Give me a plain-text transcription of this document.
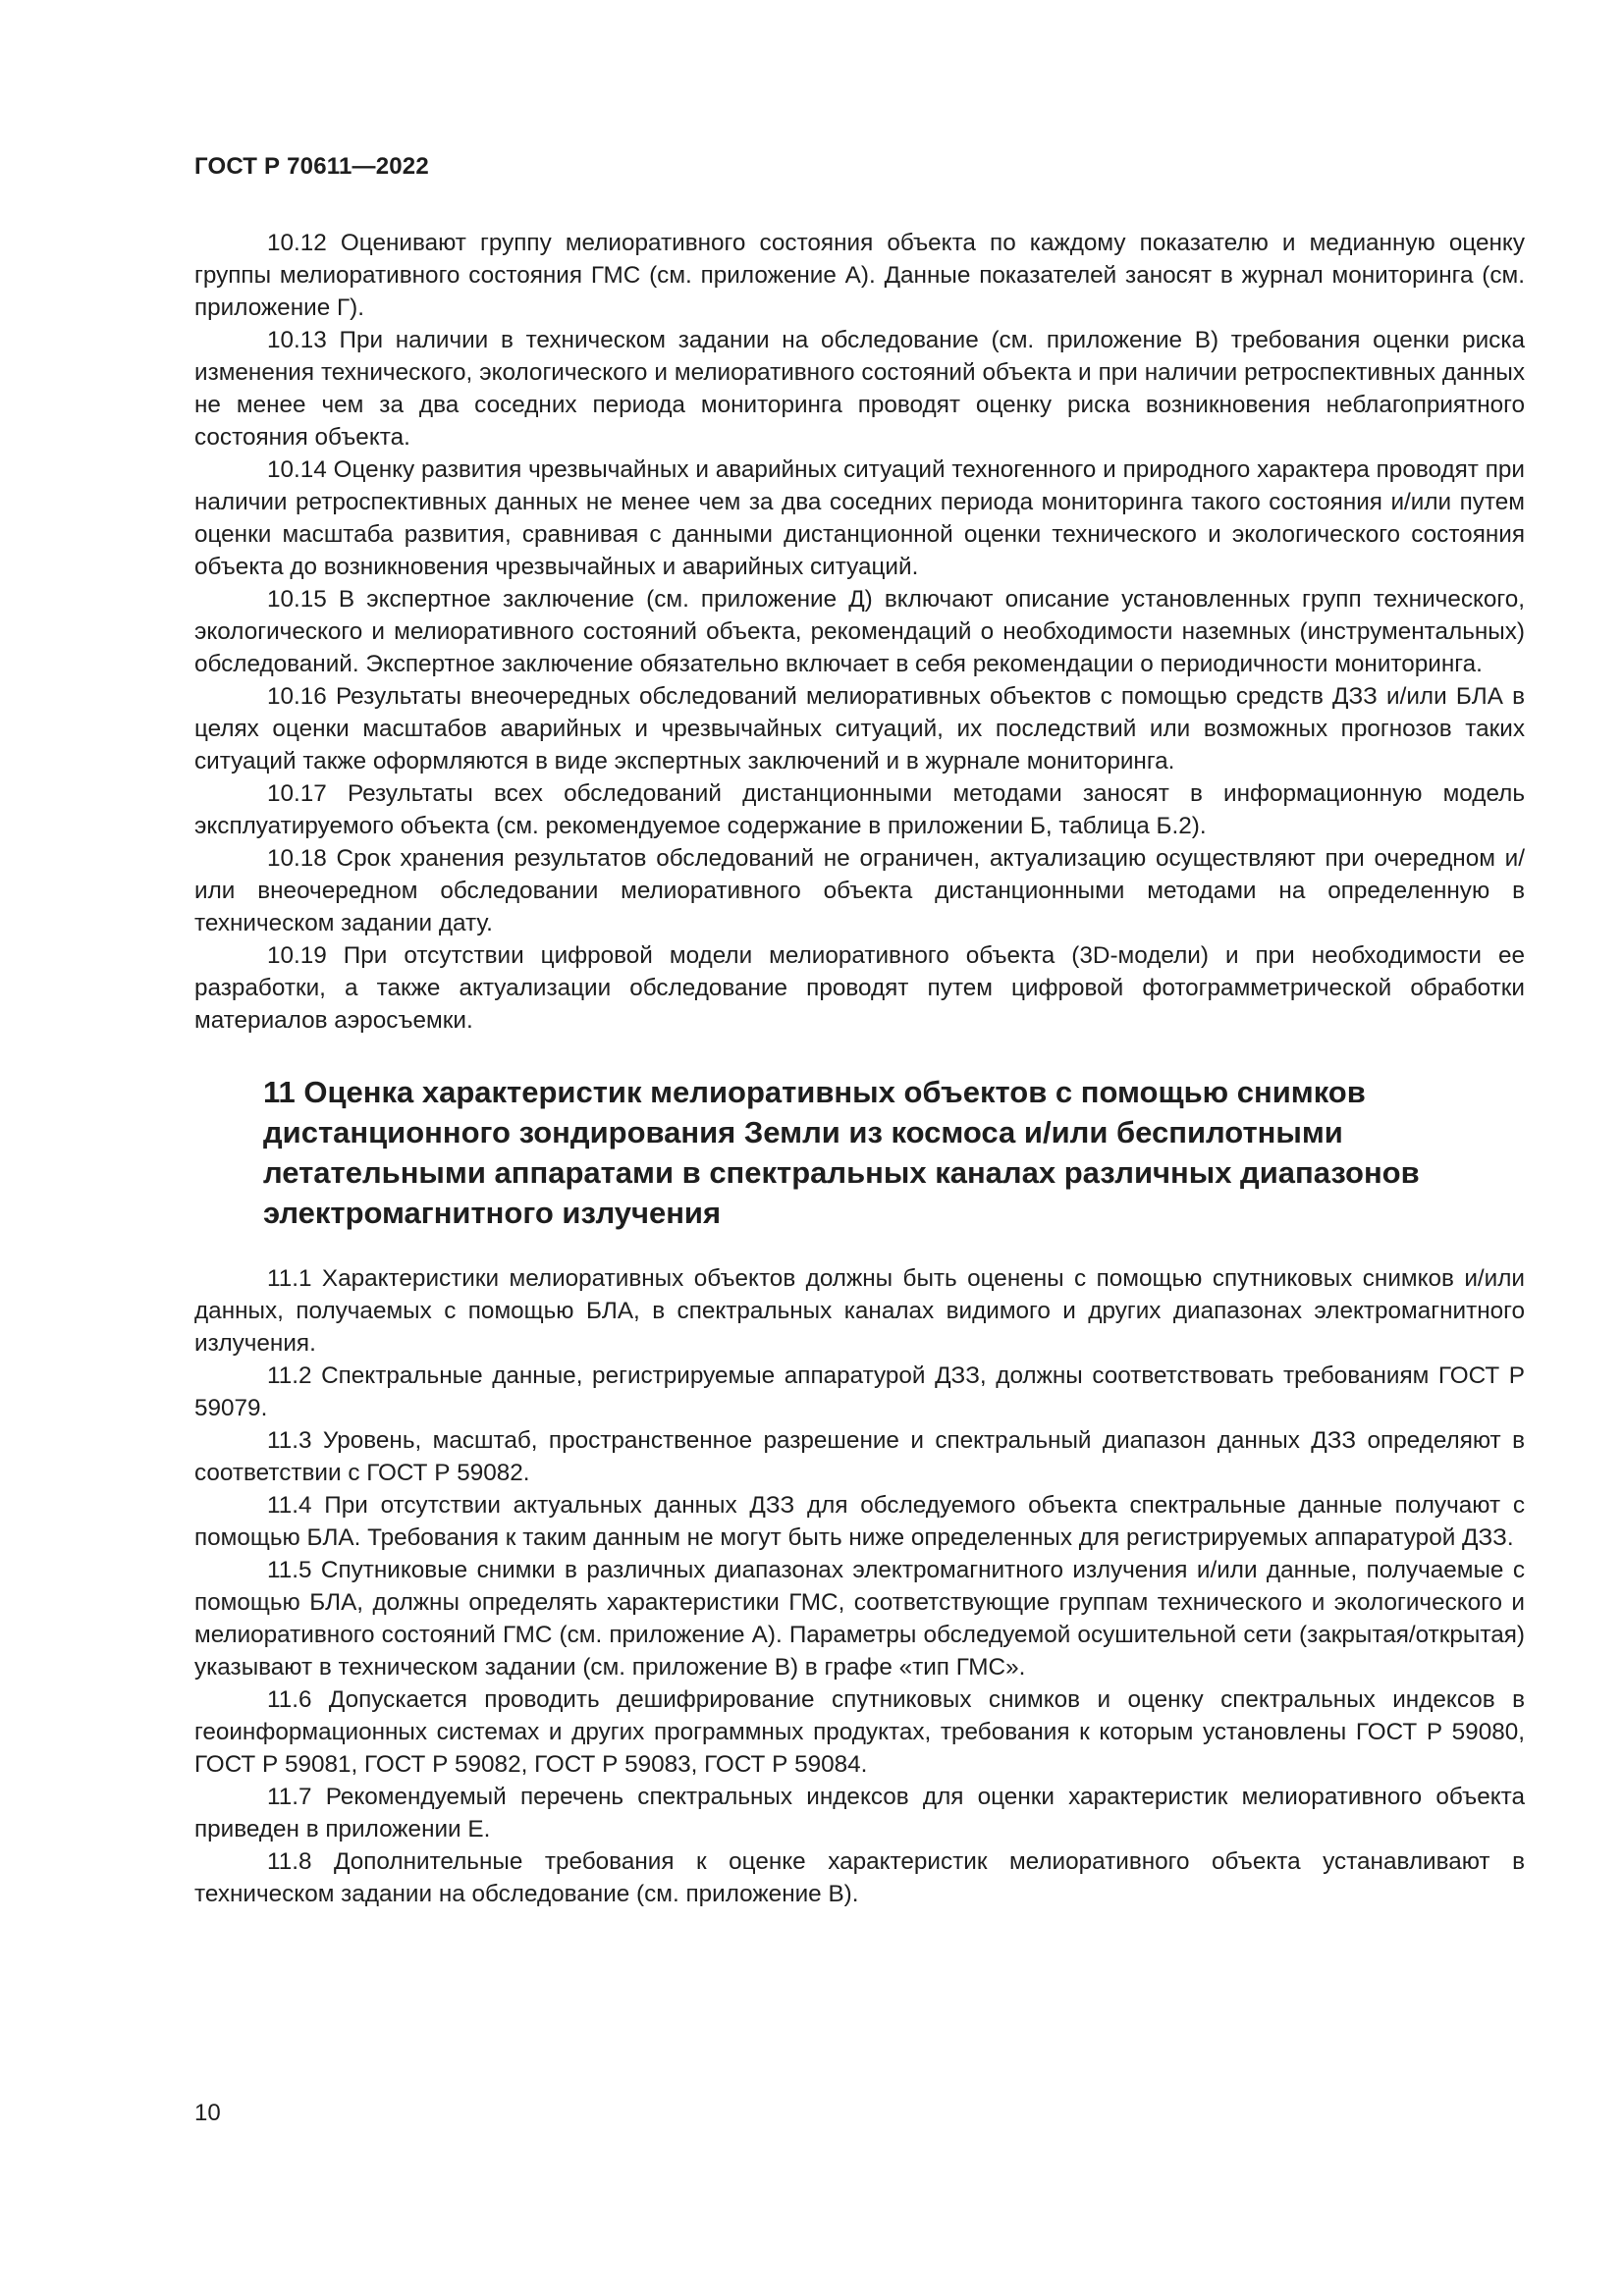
ГОСТ Р 70611—2022

10.12 Оценивают группу мелиоративного состояния объекта по каждому показателю и медианную оценку группы мелиоративного состояния ГМС (см. приложение А). Данные показателей заносят в журнал мониторинга (см. приложение Г).

10.13 При наличии в техническом задании на обследование (см. приложение В) требования оценки риска изменения технического, экологического и мелиоративного состояний объекта и при наличии ретроспективных данных не менее чем за два соседних периода мониторинга проводят оценку риска возникновения неблагоприятного состояния объекта.

10.14 Оценку развития чрезвычайных и аварийных ситуаций техногенного и природного характера проводят при наличии ретроспективных данных не менее чем за два соседних периода мониторинга такого состояния и/или путем оценки масштаба развития, сравнивая с данными дистанционной оценки технического и экологического состояния объекта до возникновения чрезвычайных и аварийных ситуаций.

10.15 В экспертное заключение (см. приложение Д) включают описание установленных групп технического, экологического и мелиоративного состояний объекта, рекомендаций о необходимости наземных (инструментальных) обследований. Экспертное заключение обязательно включает в себя рекомендации о периодичности мониторинга.

10.16 Результаты внеочередных обследований мелиоративных объектов с помощью средств ДЗЗ и/или БЛА в целях оценки масштабов аварийных и чрезвычайных ситуаций, их последствий или возможных прогнозов таких ситуаций также оформляются в виде экспертных заключений и в журнале мониторинга.

10.17 Результаты всех обследований дистанционными методами заносят в информационную модель эксплуатируемого объекта (см. рекомендуемое содержание в приложении Б, таблица Б.2).

10.18 Срок хранения результатов обследований не ограничен, актуализацию осуществляют при очередном и/или внеочередном обследовании мелиоративного объекта дистанционными методами на определенную в техническом задании дату.

10.19 При отсутствии цифровой модели мелиоративного объекта (3D-модели) и при необходимости ее разработки, а также актуализации обследование проводят путем цифровой фотограмметрической обработки материалов аэросъемки.

11 Оценка характеристик мелиоративных объектов с помощью снимков дистанционного зондирования Земли из космоса и/или беспилотными летательными аппаратами в спектральных каналах различных диапазонов электромагнитного излучения

11.1 Характеристики мелиоративных объектов должны быть оценены с помощью спутниковых снимков и/или данных, получаемых с помощью БЛА, в спектральных каналах видимого и других диапазонах электромагнитного излучения.

11.2 Спектральные данные, регистрируемые аппаратурой ДЗЗ, должны соответствовать требованиям ГОСТ Р 59079.

11.3 Уровень, масштаб, пространственное разрешение и спектральный диапазон данных ДЗЗ определяют в соответствии с ГОСТ Р 59082.

11.4 При отсутствии актуальных данных ДЗЗ для обследуемого объекта спектральные данные получают с помощью БЛА. Требования к таким данным не могут быть ниже определенных для регистрируемых аппаратурой ДЗЗ.

11.5 Спутниковые снимки в различных диапазонах электромагнитного излучения и/или данные, получаемые с помощью БЛА, должны определять характеристики ГМС, соответствующие группам технического и экологического и мелиоративного состояний ГМС (см. приложение А). Параметры обследуемой осушительной сети (закрытая/открытая) указывают в техническом задании (см. приложение В) в графе «тип ГМС».

11.6 Допускается проводить дешифрирование спутниковых снимков и оценку спектральных индексов в геоинформационных системах и других программных продуктах, требования к которым установлены ГОСТ Р 59080, ГОСТ Р 59081, ГОСТ Р 59082, ГОСТ Р 59083, ГОСТ Р 59084.

11.7 Рекомендуемый перечень спектральных индексов для оценки характеристик мелиоративного объекта приведен в приложении Е.

11.8 Дополнительные требования к оценке характеристик мелиоративного объекта устанавливают в техническом задании на обследование (см. приложение В).

10
